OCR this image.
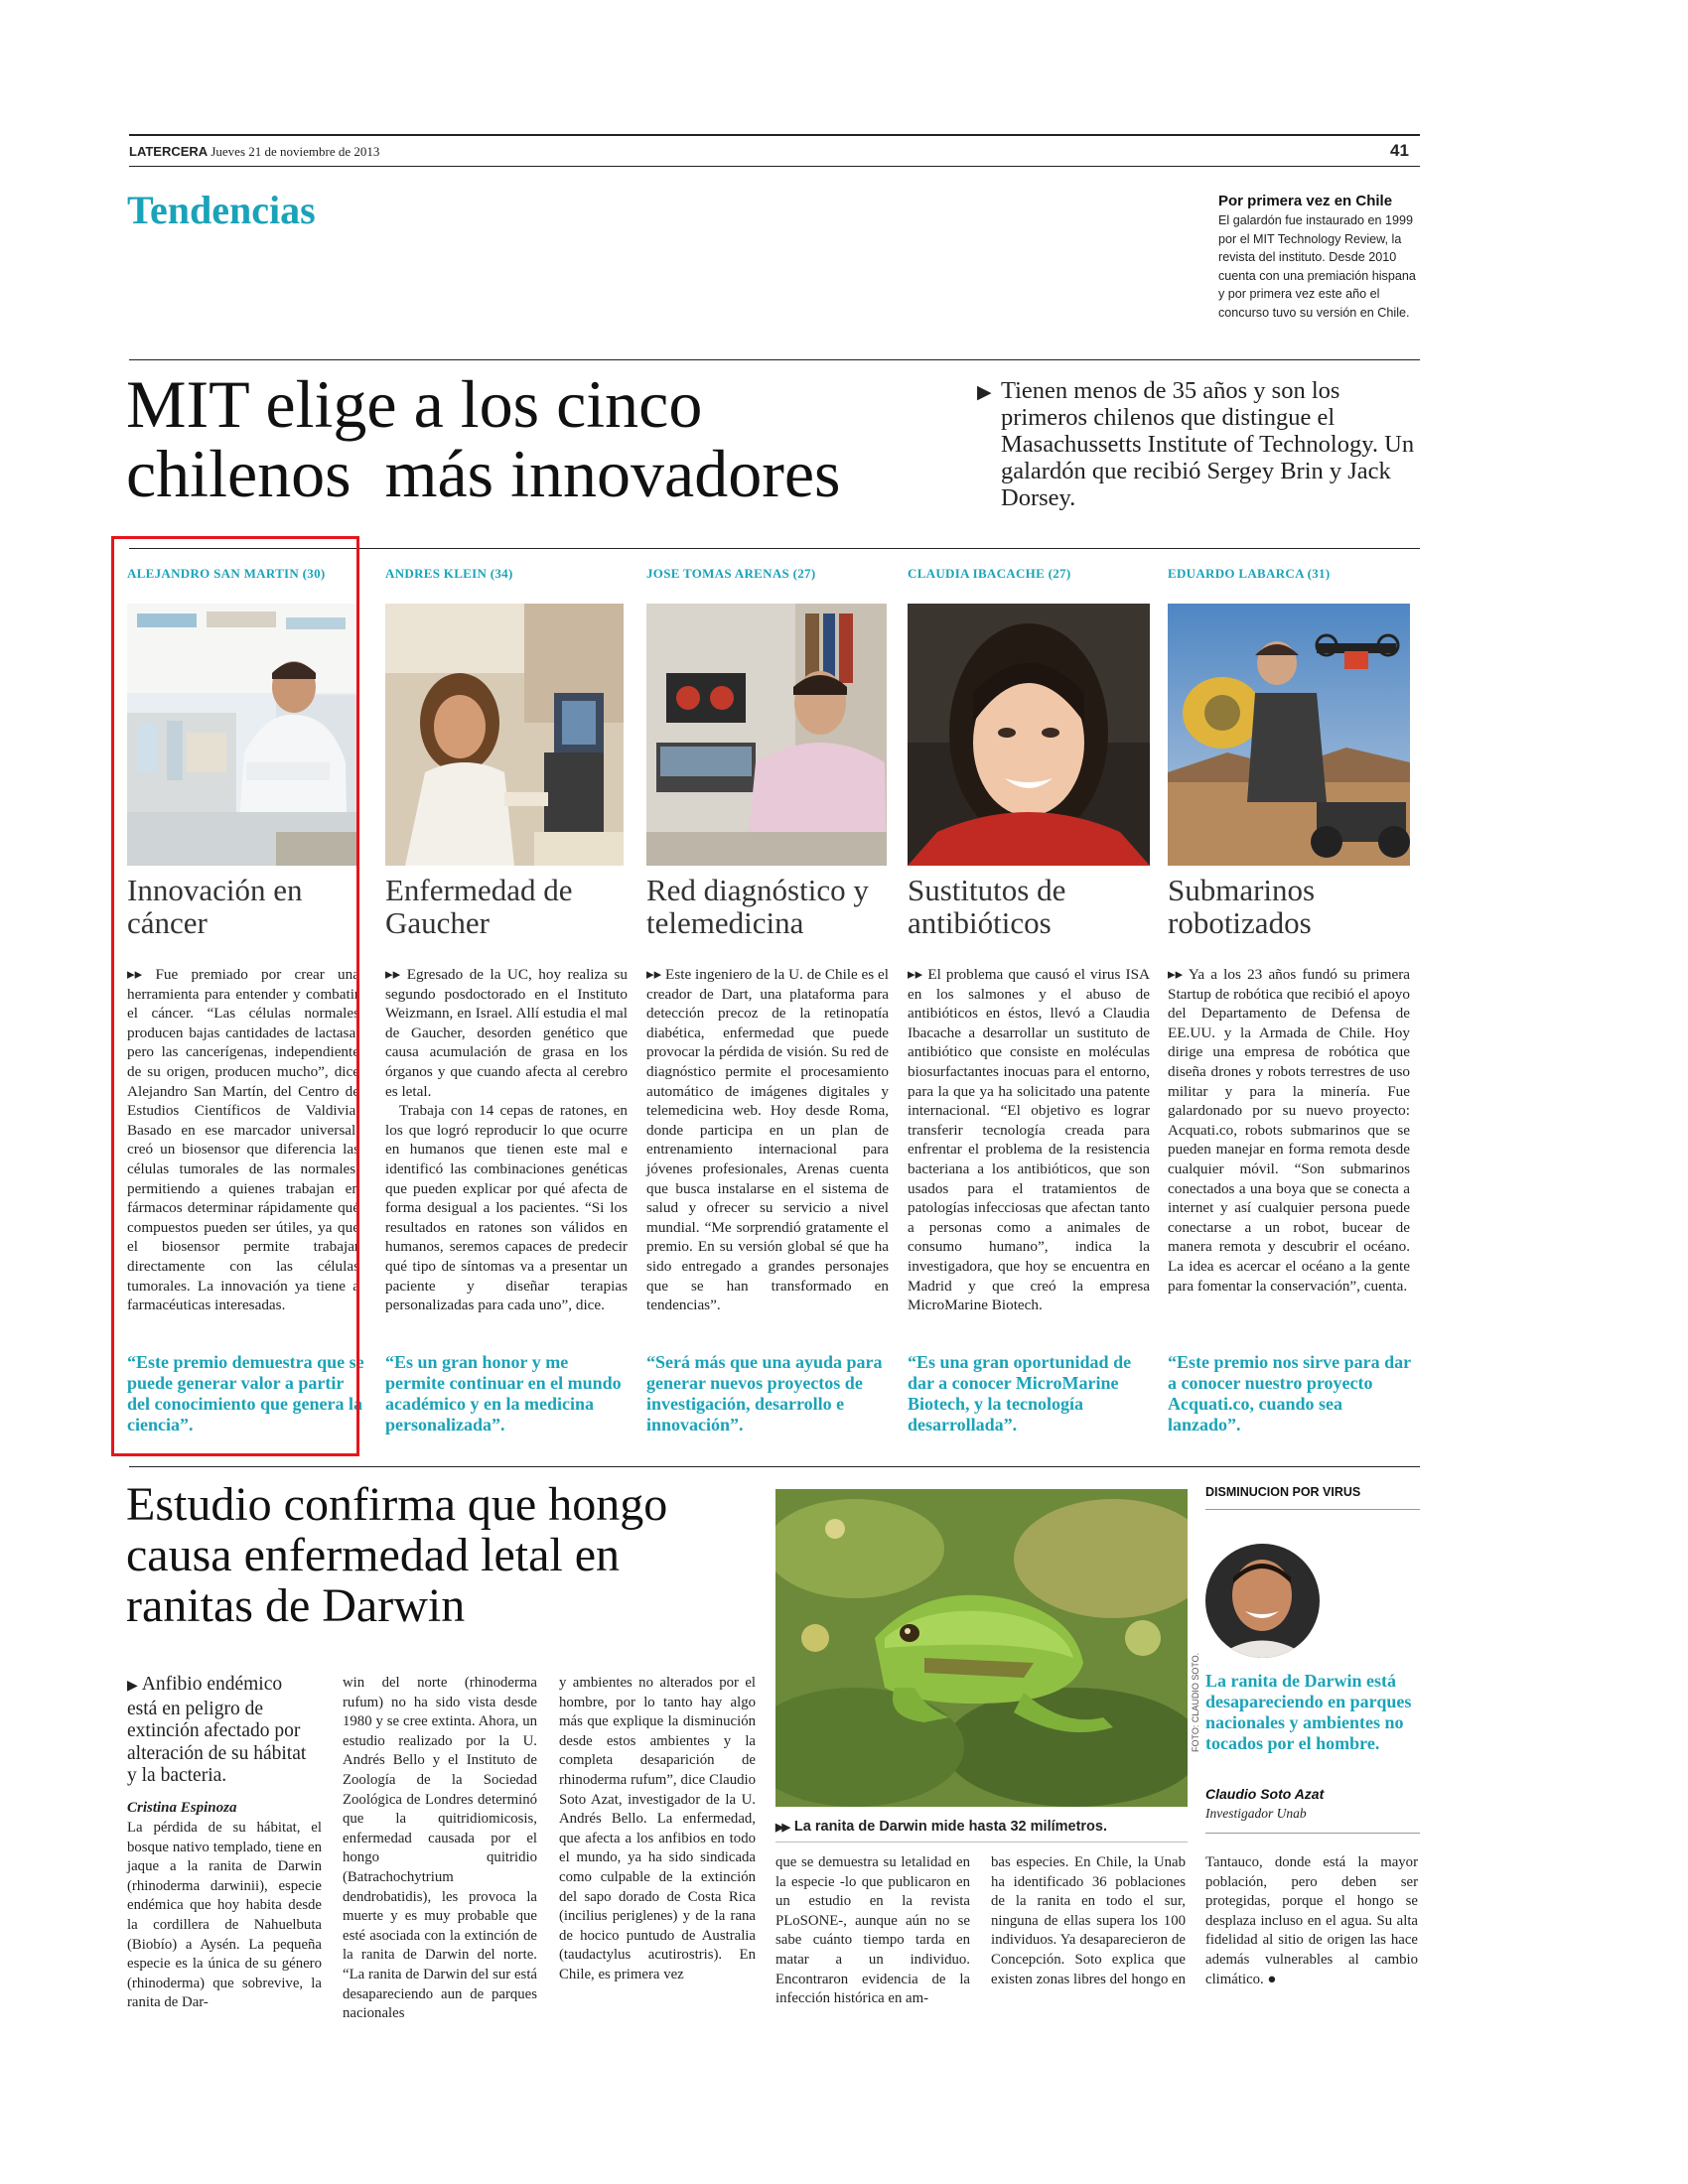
LATERCERA Jueves 21 de noviembre de 2013	41
Tendencias	Por primera vez en Chile
El galardón fue instaurado en 1999 por el MIT Technology Review, la revista del instituto. Desde 2010 cuenta con una premiación hispana y por primera vez este año el concurso tuvo su versión en Chile.
MIT elige a los cinco
chilenos  más innovadores
▶ Tienen menos de 35 años y son los primeros chilenos que distingue el Masachussetts Institute of Technology. Un galardón que recibió Sergey Brin y Jack Dorsey.
ALEJANDRO SAN MARTIN (30)
Innovación en cáncer

▸▸ Fue premiado por crear una herramienta para entender y combatir el cáncer. “Las células normales producen bajas cantidades de lactasa, pero las cancerígenas, independiente de su origen, producen mucho”, dice Alejandro San Martín, del Centro de Estudios Científicos de Valdivia. Basado en ese marcador universal, creó un biosensor que diferencia las células tumorales de las normales, permitiendo a quienes trabajan en fármacos determinar rápidamente qué compuestos pueden ser útiles, ya que el biosensor permite trabajar directamente con las células tumorales. La innovación ya tiene a farmacéuticas interesadas.

“Este premio demuestra que se puede generar valor a partir del conocimiento que genera la ciencia”.
ANDRES KLEIN (34)
Enfermedad de Gaucher

▸▸ Egresado de la UC, hoy realiza su segundo posdoctorado en el Instituto Weizmann, en Israel. Allí estudia el mal de Gaucher, desorden genético que causa acumulación de grasa en los órganos y que cuando afecta al cerebro es letal.

Trabaja con 14 cepas de ratones, en los que logró reproducir lo que ocurre en humanos que tienen este mal e identificó las combinaciones genéticas que pueden explicar por qué afecta de forma desigual a los pacientes. “Si los resultados en ratones son válidos en humanos, seremos capaces de predecir qué tipo de síntomas va a presentar un paciente y diseñar terapias personalizadas para cada uno”, dice.

“Es un gran honor y me permite continuar en el mundo académico y en la medicina personalizada”.
JOSE TOMAS ARENAS (27)
Red diagnóstico y telemedicina

▸▸ Este ingeniero de la U. de Chile es el creador de Dart, una plataforma para detección precoz de la retinopatía diabética, enfermedad que puede provocar la pérdida de visión. Su red de diagnóstico permite el procesamiento automático de imágenes digitales y telemedicina web. Hoy desde Roma, donde participa en un plan de entrenamiento internacional para jóvenes profesionales, Arenas cuenta que busca instalarse en el sistema de salud y ofrecer su servicio a nivel mundial. “Me sorprendió gratamente el premio. En su versión global sé que ha sido entregado a grandes personajes que se han transformado en tendencias”.

“Será más que una ayuda para generar nuevos proyectos de investigación, desarrollo e innovación”.
CLAUDIA IBACACHE (27)
Sustitutos de antibióticos

▸▸ El problema que causó el virus ISA en los salmones y el abuso de antibióticos en éstos, llevó a Claudia Ibacache a desarrollar un sustituto de antibiótico que consiste en moléculas biosurfactantes inocuas para el entorno, para la que ya ha solicitado una patente internacional. “El objetivo es lograr transferir tecnología creada para enfrentar el problema de la resistencia bacteriana a los antibióticos, que son usados para el tratamientos de patologías infecciosas que afectan tanto a personas como a animales de consumo humano”, indica la investigadora, que hoy se encuentra en Madrid y que creó la empresa MicroMarine Biotech.

“Es una gran oportunidad de dar a conocer MicroMarine Biotech, y la tecnología desarrollada”.
EDUARDO LABARCA (31)
Submarinos robotizados

▸▸ Ya a los 23 años fundó su primera Startup de robótica que recibió el apoyo del Departamento de Defensa de EE.UU. y la Armada de Chile. Hoy dirige una empresa de robótica que diseña drones y robots terrestres de uso militar y para la minería. Fue galardonado por su nuevo proyecto: Acquati.co, robots submarinos que se pueden manejar en forma remota desde cualquier móvil. “Son submarinos conectados a una boya que se conecta a internet y así cualquier persona puede conectarse a un robot, bucear de manera remota y descubrir el océano. La idea es acercar el océano a la gente para fomentar la conservación”, cuenta.

“Este premio nos sirve para dar a conocer nuestro proyecto Acquati.co, cuando sea lanzado”.
Estudio confirma que hongo
causa enfermedad letal en
ranitas de Darwin
▶ Anfibio endémico está en peligro de extinción afectado por alteración de su hábitat y la bacteria.
Cristina Espinoza

La pérdida de su hábitat, el bosque nativo templado, tiene en jaque a la ranita de Darwin (rhinoderma darwinii), especie endémica que hoy habita desde la cordillera de Nahuelbuta (Biobío) a Aysén. La pequeña especie es la única de su género (rhinoderma) que sobrevive, la ranita de Dar-

win del norte (rhinoderma rufum) no ha sido vista desde 1980 y se cree extinta. Ahora, un estudio realizado por la U. Andrés Bello y el Instituto de Zoología de la Sociedad Zoológica de Londres determinó que la quitridiomicosis, enfermedad causada por el hongo quitridio (Batrachochytrium dendrobatidis), les provoca la muerte y es muy probable que esté asociada con la extinción de la ranita de Darwin del norte. “La ranita de Darwin del sur está desapareciendo aun de parques nacionales

y ambientes no alterados por el hombre, por lo tanto hay algo más que explique la disminución desde estos ambientes y la completa desaparición de rhinoderma rufum”, dice Claudio Soto Azat, investigador de la U. Andrés Bello. La enfermedad, que afecta a los anfibios en todo el mundo, ya ha sido sindicada como culpable de la extinción del sapo dorado de Costa Rica (incilius periglenes) y de la rana de hocico puntudo de Australia (taudactylus acutirostris). En Chile, es primera vez

FOTO: CLAUDIO SOTO.
▶▶ La ranita de Darwin mide hasta 32 milímetros.

que se demuestra su letalidad en la especie -lo que publicaron en un estudio en la revista PLoSONE-, aunque aún no se sabe cuánto tiempo tarda en matar a un individuo. Encontraron evidencia de la infección histórica en am-

bas especies. En Chile, la Unab ha identificado 36 poblaciones de la ranita en todo el sur, ninguna de ellas supera los 100 individuos. Ya desaparecieron de Concepción. Soto explica que existen zonas libres del hongo en

DISMINUCION POR VIRUS
La ranita de Darwin está desapareciendo en parques nacionales y ambientes no tocados por el hombre.
Claudio Soto Azat
Investigador Unab

Tantauco, donde está la mayor población, pero deben ser protegidas, porque el hongo se desplaza incluso en el agua. Su alta fidelidad al sitio de origen las hace además vulnerables al cambio climático. ●
